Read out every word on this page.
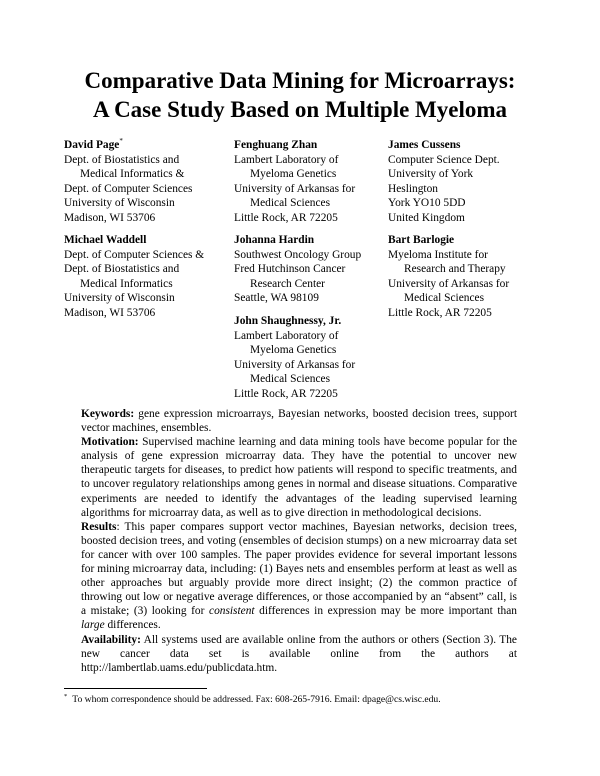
Comparative Data Mining for Microarrays:
A Case Study Based on Multiple Myeloma
David Page*
Dept. of Biostatistics and
Medical Informatics &
Dept. of Computer Sciences
University of Wisconsin
Madison, WI 53706
Fenghuang Zhan
Lambert Laboratory of
Myeloma Genetics
University of Arkansas for
Medical Sciences
Little Rock, AR 72205
James Cussens
Computer Science Dept.
University of York
Heslington
York YO10 5DD
United Kingdom
Michael Waddell
Dept. of Computer Sciences &
Dept. of Biostatistics and
Medical Informatics
University of Wisconsin
Madison, WI 53706
Johanna Hardin
Southwest Oncology Group
Fred Hutchinson Cancer
Research Center
Seattle, WA 98109
Bart Barlogie
Myeloma Institute for
Research and Therapy
University of Arkansas for
Medical Sciences
Little Rock, AR 72205
John Shaughnessy, Jr.
Lambert Laboratory of
Myeloma Genetics
University of Arkansas for
Medical Sciences
Little Rock, AR 72205

Keywords: gene expression microarrays, Bayesian networks, boosted decision trees, support vector machines, ensembles.

Motivation: Supervised machine learning and data mining tools have become popular for the analysis of gene expression microarray data. They have the potential to uncover new therapeutic targets for diseases, to predict how patients will respond to specific treatments, and to uncover regulatory relationships among genes in normal and disease situations. Comparative experiments are needed to identify the advantages of the leading supervised learning algorithms for microarray data, as well as to give direction in methodological decisions.

Results: This paper compares support vector machines, Bayesian networks, decision trees, boosted decision trees, and voting (ensembles of decision stumps) on a new microarray data set for cancer with over 100 samples. The paper provides evidence for several important lessons for mining microarray data, including: (1) Bayes nets and ensembles perform at least as well as other approaches but arguably provide more direct insight; (2) the common practice of throwing out low or negative average differences, or those accompanied by an “absent” call, is a mistake; (3) looking for consistent differences in expression may be more important than large differences.

Availability: All systems used are available online from the authors or others (Section 3). The new cancer data set is available online from the authors at http://lambertlab.uams.edu/publicdata.htm.

* To whom correspondence should be addressed. Fax: 608-265-7916. Email: dpage@cs.wisc.edu.
